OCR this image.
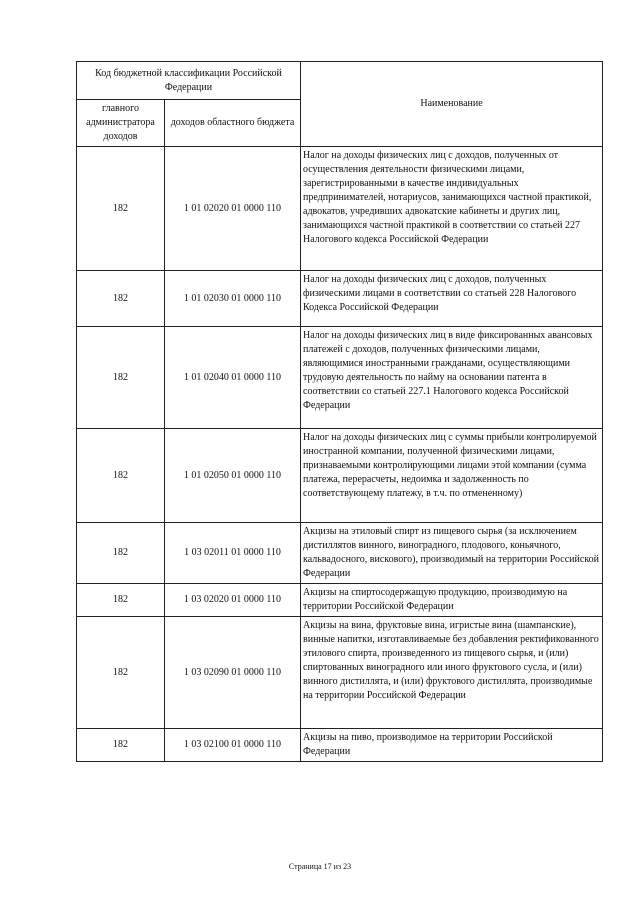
Код бюджетной классификации Российской Федерации		Наименование
главного администратора доходов	доходов областного бюджета	
182	1 01 02020 01 0000 110	Налог на доходы физических лиц с доходов, полученных от осуществления деятельности физическими лицами, зарегистрированными в качестве индивидуальных предпринимателей, нотариусов, занимающихся частной практикой, адвокатов, учредивших адвокатские кабинеты и других лиц, занимающихся частной практикой в соответствии со статьей 227 Налогового кодекса Российской Федерации
182	1 01 02030 01 0000 110	Налог на доходы физических лиц с доходов, полученных физическими лицами в соответствии со статьей 228 Налогового Кодекса Российской Федерации
182	1 01 02040 01 0000 110	Налог на доходы физических лиц в виде фиксированных авансовых платежей с доходов, полученных физическими лицами, являющимися иностранными гражданами, осуществляющими трудовую деятельность по найму на основании патента в соответствии со статьей 227.1 Налогового кодекса Российской Федерации
182	1 01 02050 01 0000 110	Налог на доходы физических лиц с суммы прибыли контролируемой иностранной компании, полученной физическими лицами, признаваемыми контролирующими лицами этой компании (сумма платежа, перерасчеты, недоимка и задолженность по соответствующему платежу, в т.ч. по отмененному)
182	1 03 02011 01 0000 110	Акцизы на этиловый спирт из пищевого сырья (за исключением дистиллятов винного, виноградного, плодового, коньячного, кальвадосного, вискового), производимый на территории Российской Федерации
182	1 03 02020 01 0000 110	Акцизы на спиртосодержащую продукцию, производимую на территории Российской Федерации
182	1 03 02090 01 0000 110	Акцизы на вина, фруктовые вина, игристые вина (шампанские), винные напитки, изготавливаемые без добавления ректификованного этилового спирта, произведенного из пищевого сырья, и (или) спиртованных виноградного или иного фруктового сусла, и (или) винного дистиллята, и (или) фруктового дистиллята, производимые на территории Российской Федерации
182	1 03 02100 01 0000 110	Акцизы на пиво, производимое на территории Российской Федерации
Страница 17 из 23
